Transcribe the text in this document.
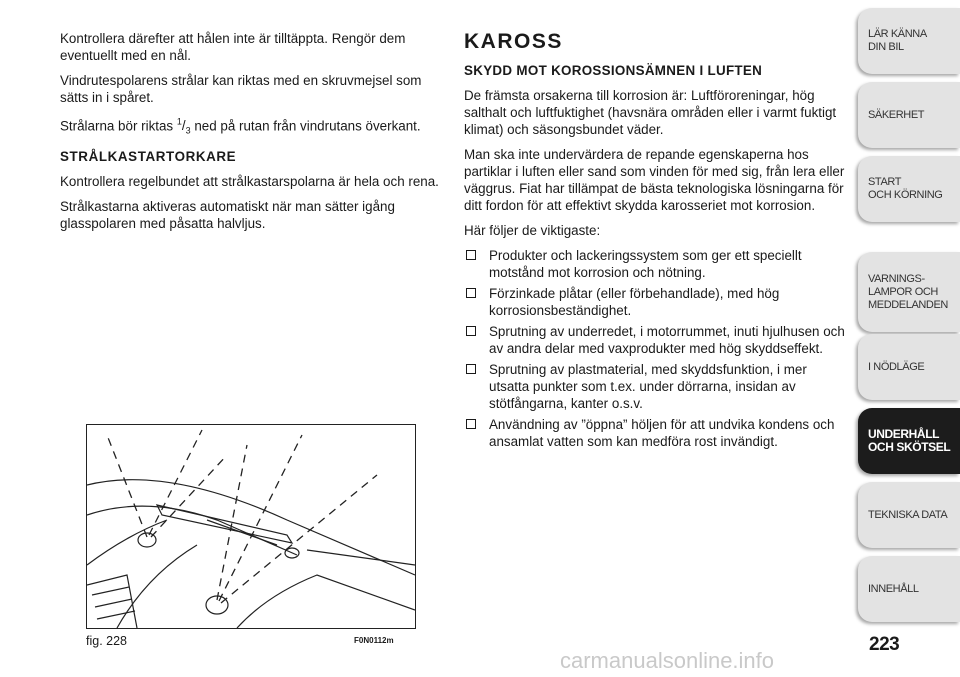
Kontrollera därefter att hålen inte är tilltäppta. Rengör dem eventuellt med en nål.

Vindrutespolarens strålar kan riktas med en skruvmejsel som sätts in i spåret.

Strålarna bör riktas $^1/_3$ ned på rutan från vindrutans överkant.

STRÅLKASTARTORKARE

Kontrollera regelbundet att strålkastarspolarna är hela och rena.

Strålkastarna aktiveras automatiskt när man sätter igång glasspolaren med påsatta halvljus.

fig. 228	F0N0112m

KAROSS

SKYDD MOT KOROSSIONSÄMNEN I LUFTEN

De främsta orsakerna till korrosion är: Luftföroreningar, hög salthalt och luftfuktighet (havsnära områden eller i varmt fuktigt klimat) och säsongsbundet väder.

Man ska inte undervärdera de repande egenskaperna hos partiklar i luften eller sand som vinden för med sig, från lera eller väggrus. Fiat har tillämpat de bästa teknologiska lösningarna för ditt fordon för att effektivt skydda karosseriet mot korrosion.

Här följer de viktigaste:

Produkter och lackeringssystem som ger ett speciellt motstånd mot korrosion och nötning.
Förzinkade plåtar (eller förbehandlade), med hög korrosionsbeständighet.
Sprutning av underredet, i motorrummet, inuti hjulhusen och av andra delar med vaxprodukter med hög skyddseffekt.
Sprutning av plastmaterial, med skyddsfunktion, i mer utsatta punkter som t.ex. under dörrarna, insidan av stötfångarna, kanter o.s.v.
Användning av ”öppna” höljen för att undvika kondens och ansamlat vatten som kan medföra rost invändigt.
LÄR KÄNNA
DIN BIL
SÄKERHET
START
OCH KÖRNING
VARNINGS-
LAMPOR OCH
MEDDELANDEN
I NÖDLÄGE
UNDERHÅLL
OCH SKÖTSEL
TEKNISKA DATA
INNEHÅLL
223
carmanualsonline.info
